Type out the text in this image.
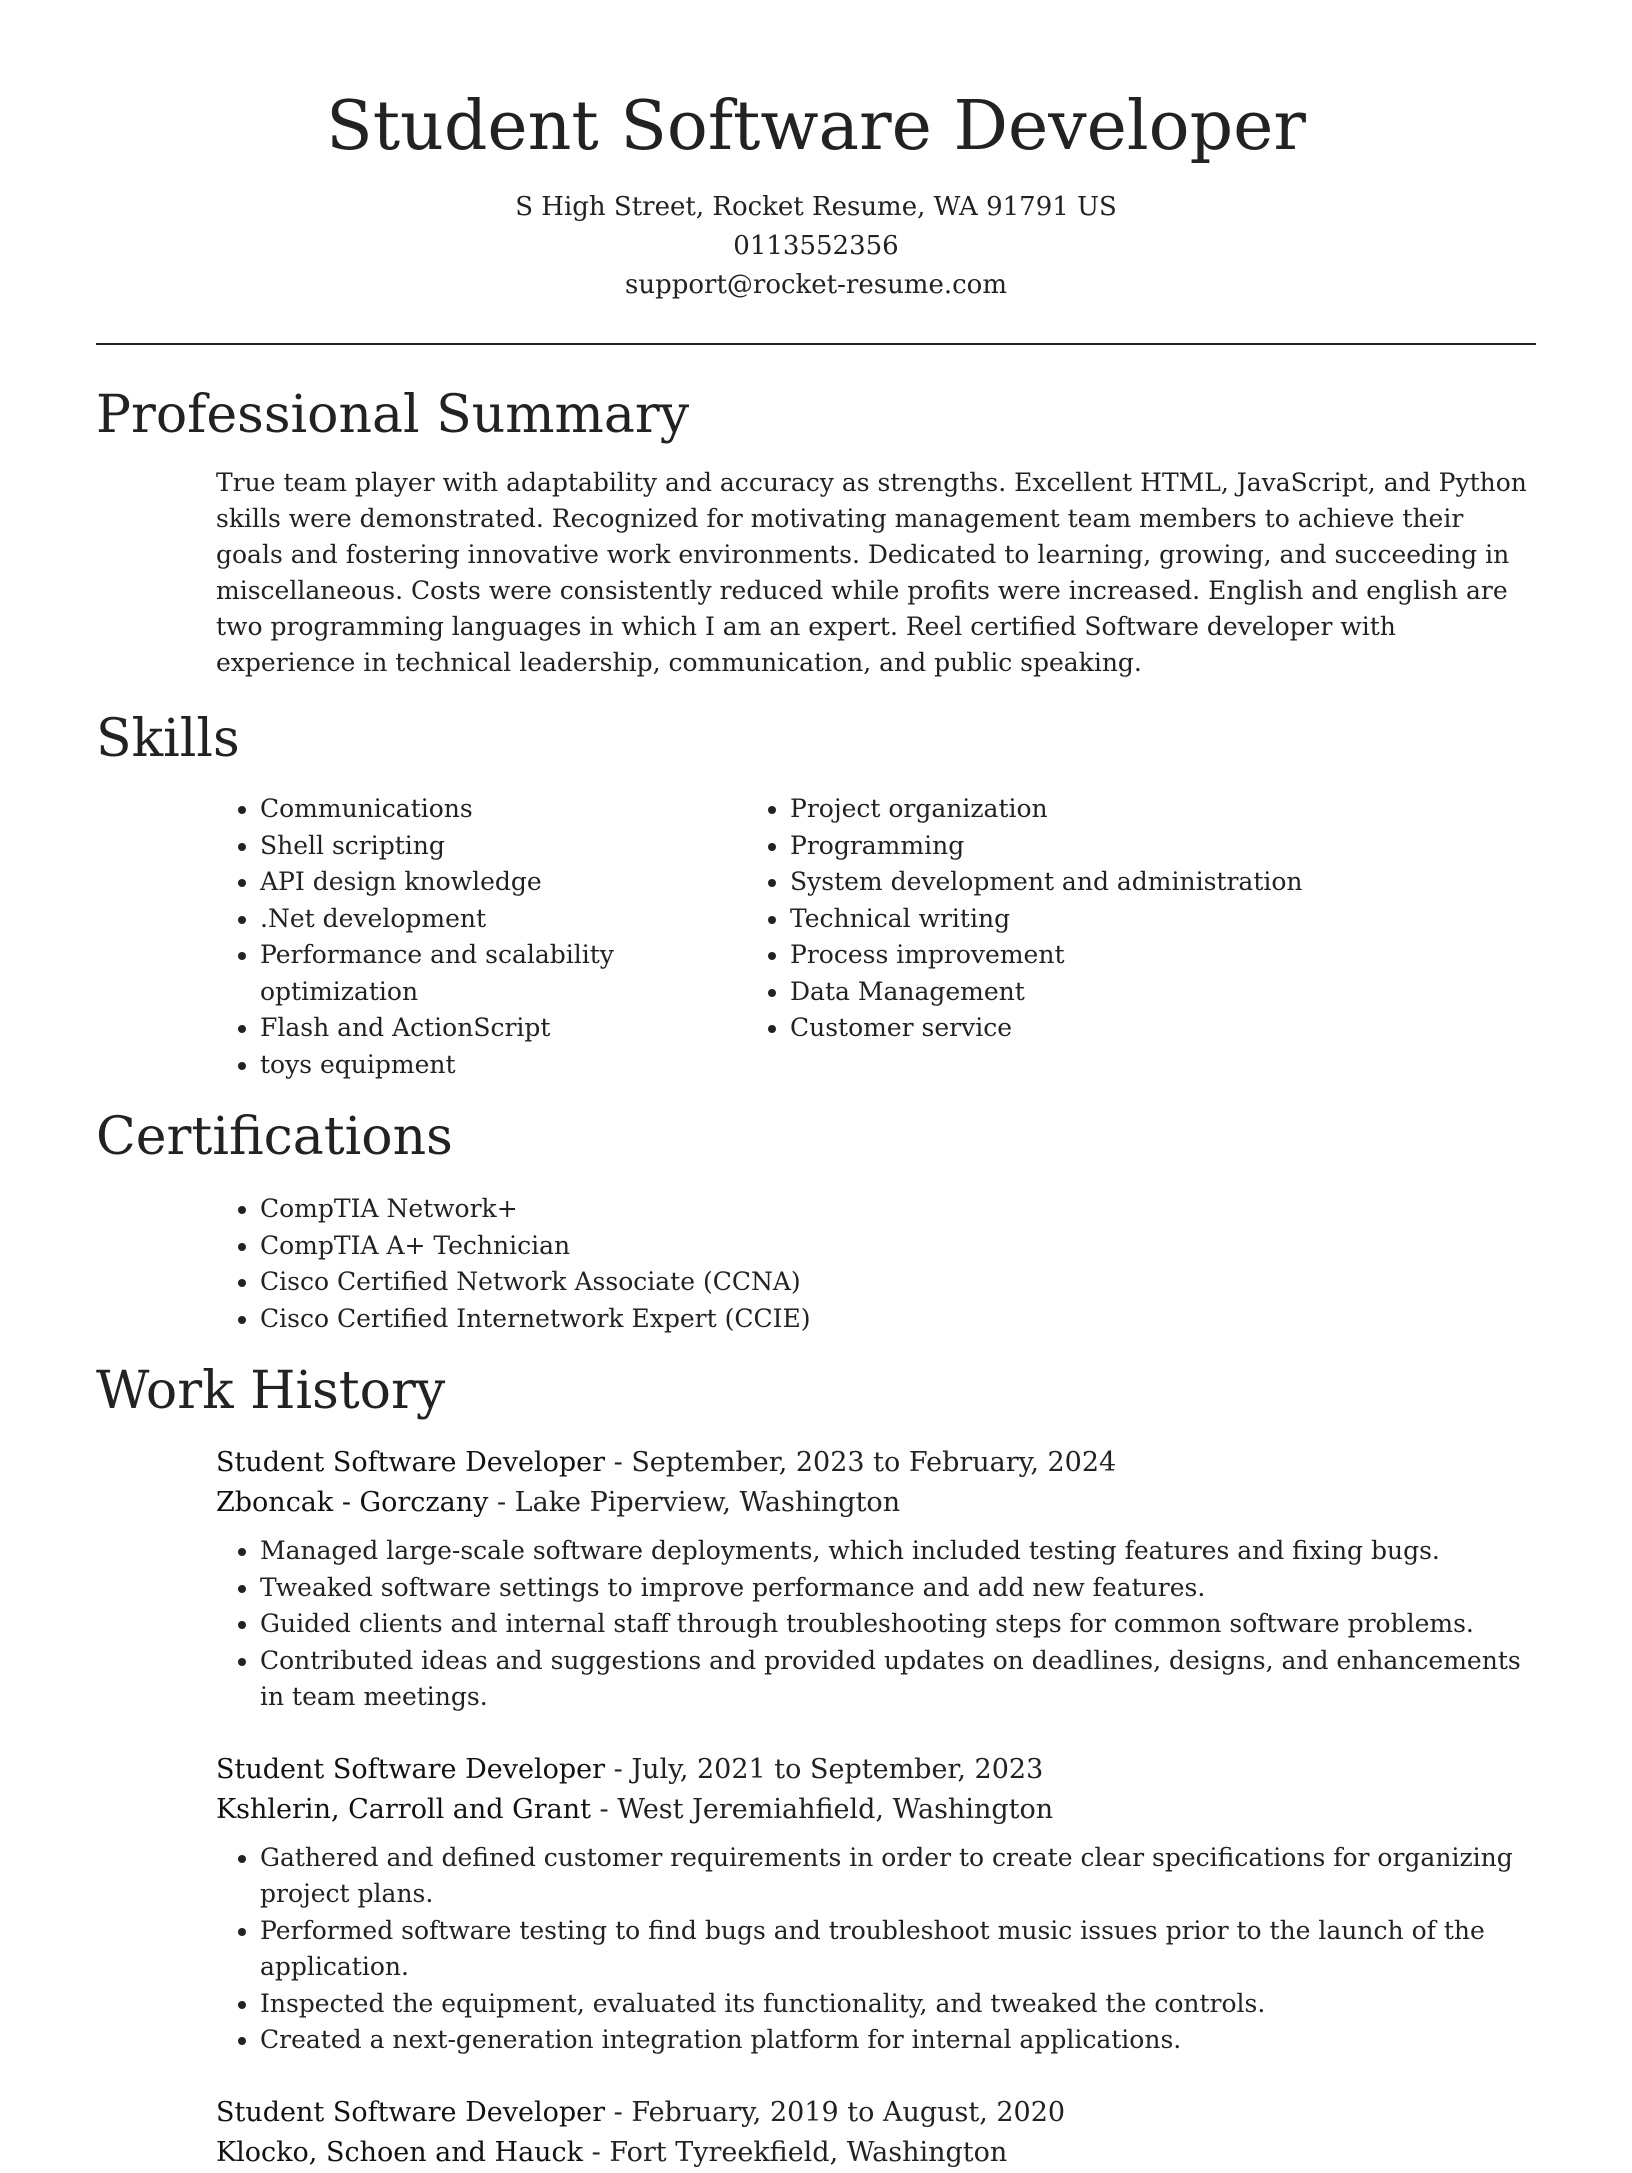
Student Software Developer
S High Street, Rocket Resume, WA 91791 US
0113552356
support@rocket-resume.com
Professional Summary
True team player with adaptability and accuracy as strengths. Excellent HTML, JavaScript, and Python skills were demonstrated. Recognized for motivating management team members to achieve their goals and fostering innovative work environments. Dedicated to learning, growing, and succeeding in miscellaneous. Costs were consistently reduced while profits were increased. English and english are two programming languages in which I am an expert. Reel certified Software developer with experience in technical leadership, communication, and public speaking.
Skills
• Communications
• Shell scripting
• API design knowledge
• .Net development
• Performance and scalability optimization
• Flash and ActionScript
• toys equipment
• Project organization
• Programming
• System development and administration
• Technical writing
• Process improvement
• Data Management
• Customer service
Certifications
• CompTIA Network+
• CompTIA A+ Technician
• Cisco Certified Network Associate (CCNA)
• Cisco Certified Internetwork Expert (CCIE)
Work History
Student Software Developer - September, 2023 to February, 2024
Zboncak - Gorczany - Lake Piperview, Washington
• Managed large-scale software deployments, which included testing features and fixing bugs.
• Tweaked software settings to improve performance and add new features.
• Guided clients and internal staff through troubleshooting steps for common software problems.
• Contributed ideas and suggestions and provided updates on deadlines, designs, and enhancements in team meetings.
Student Software Developer - July, 2021 to September, 2023
Kshlerin, Carroll and Grant - West Jeremiahfield, Washington
• Gathered and defined customer requirements in order to create clear specifications for organizing project plans.
• Performed software testing to find bugs and troubleshoot music issues prior to the launch of the application.
• Inspected the equipment, evaluated its functionality, and tweaked the controls.
• Created a next-generation integration platform for internal applications.
Student Software Developer - February, 2019 to August, 2020
Klocko, Schoen and Hauck - Fort Tyreekfield, Washington
